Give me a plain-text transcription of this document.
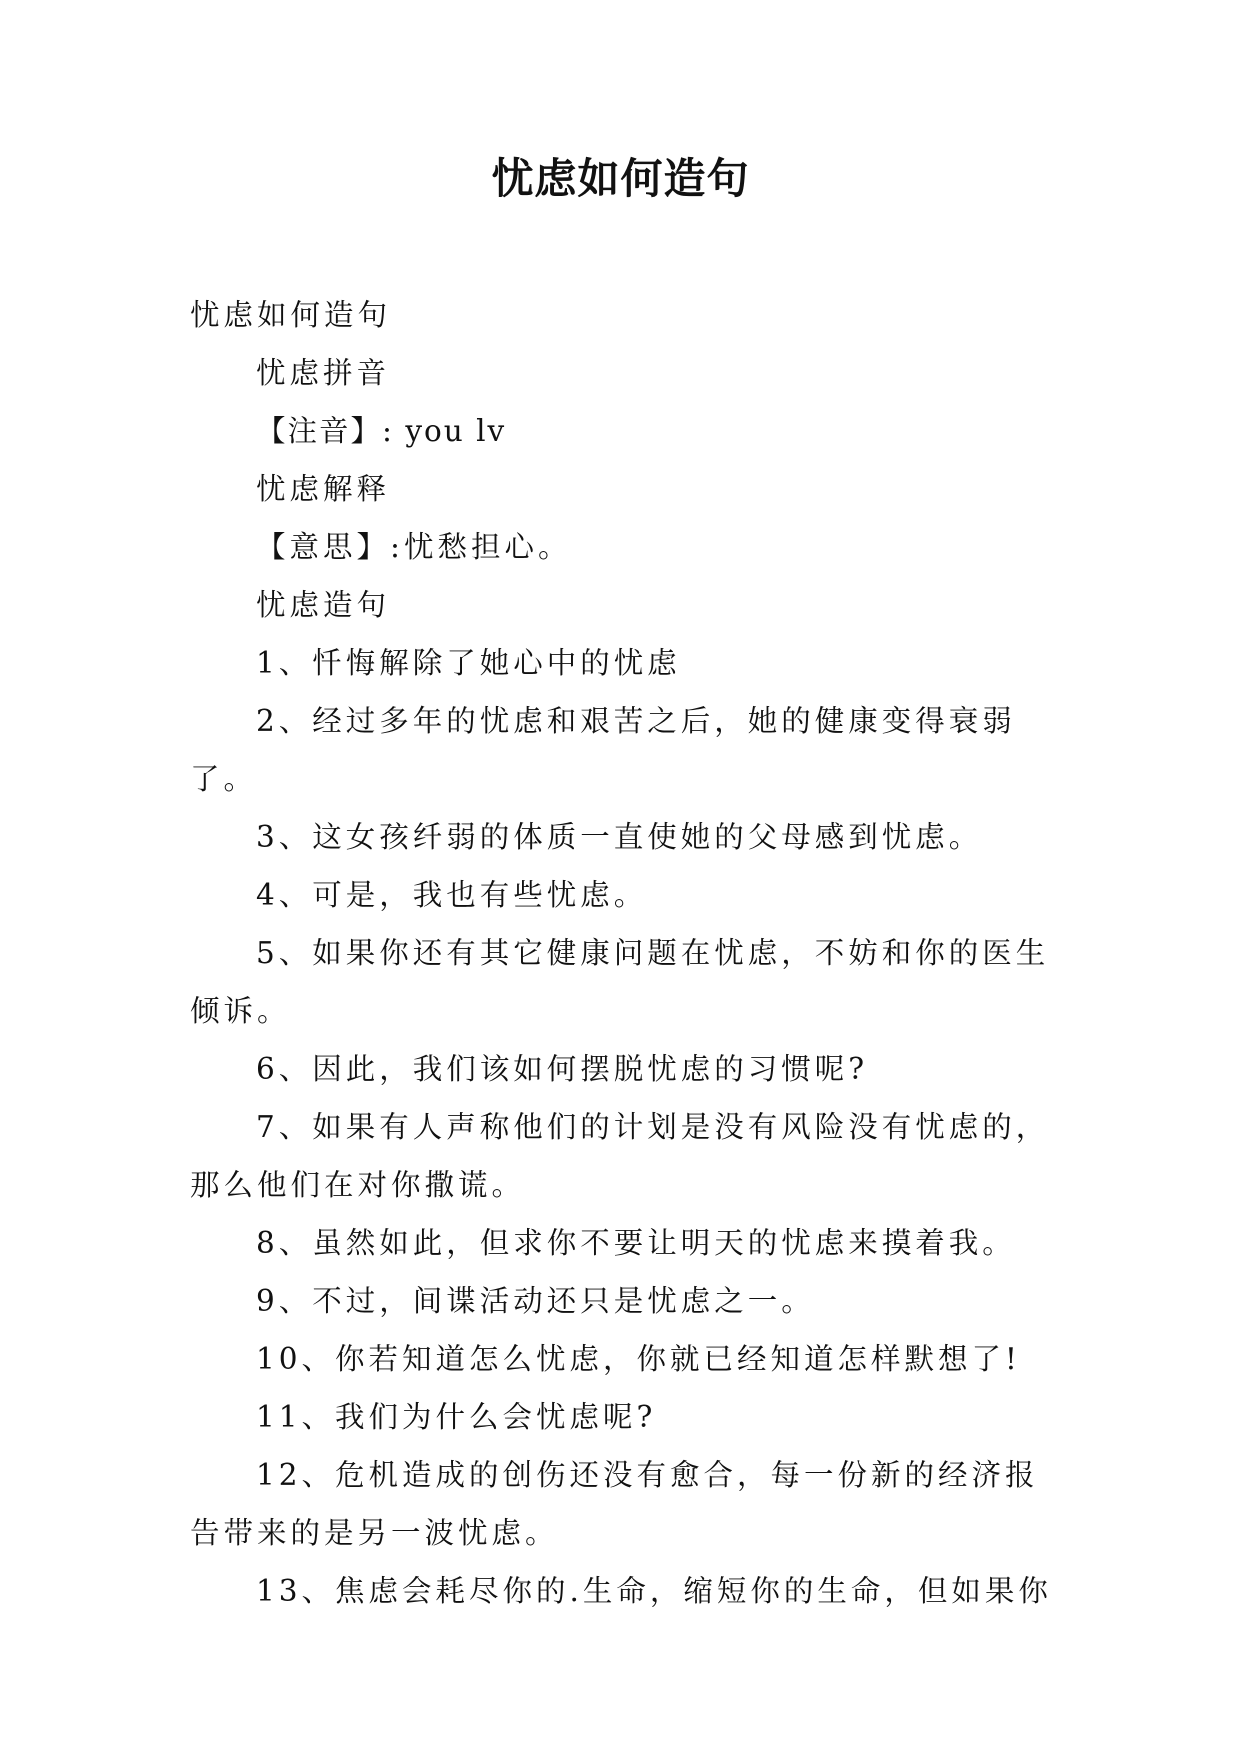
忧虑如何造句

忧虑如何造句

忧虑拼音

【注音】: you lv

忧虑解释

【意思】:忧愁担心。

忧虑造句

1、忏悔解除了她心中的忧虑

2、经过多年的忧虑和艰苦之后，她的健康变得衰弱了。

3、这女孩纤弱的体质一直使她的父母感到忧虑。

4、可是，我也有些忧虑。

5、如果你还有其它健康问题在忧虑，不妨和你的医生倾诉。

6、因此，我们该如何摆脱忧虑的习惯呢?

7、如果有人声称他们的计划是没有风险没有忧虑的，那么他们在对你撒谎。

8、虽然如此，但求你不要让明天的忧虑来摸着我。

9、不过，间谍活动还只是忧虑之一。

10、你若知道怎么忧虑，你就已经知道怎样默想了!

11、我们为什么会忧虑呢?

12、危机造成的创伤还没有愈合，每一份新的经济报告带来的是另一波忧虑。

13、焦虑会耗尽你的.生命，缩短你的生命，但如果你
